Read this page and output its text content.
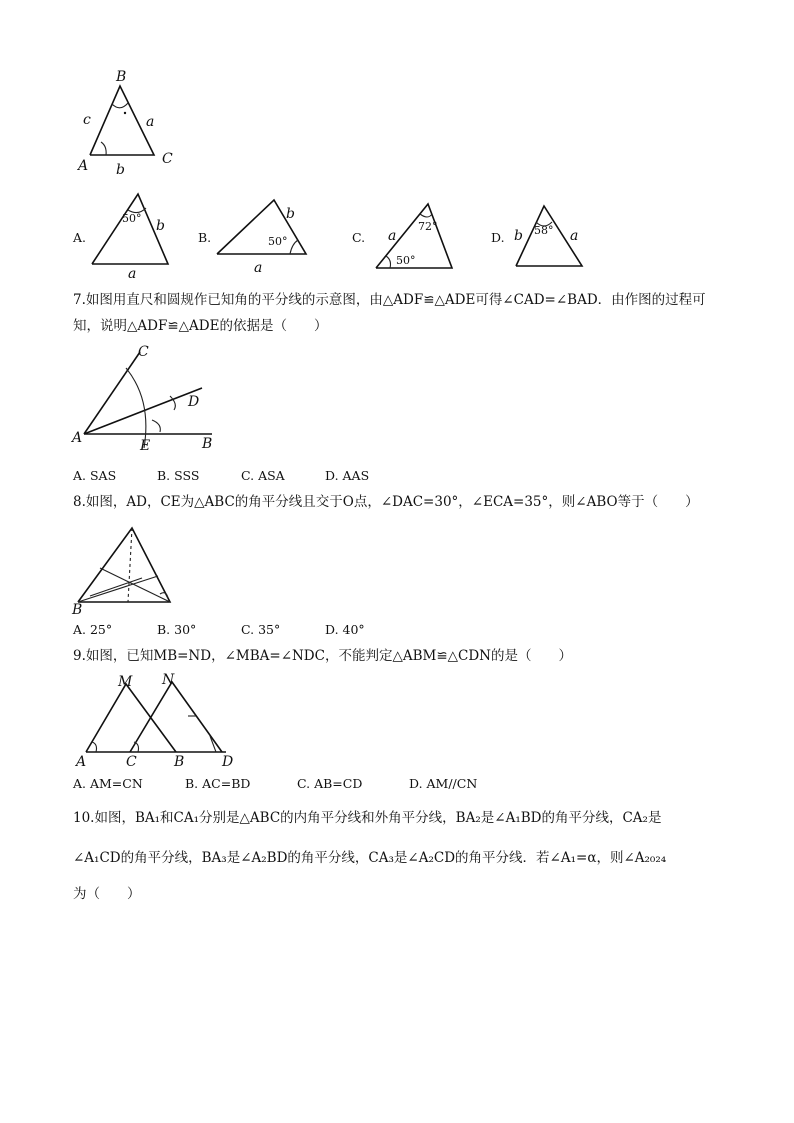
B
c	a
A b
C
A.
50° b
a
B.
b
50°
a
C.
72°
a
50°
D.	58°
b	a
7.如图用直尺和圆规作已知角的平分线的示意图，由△ADF≌△ADE可得∠CAD=∠BAD．由作图的过程可
知，说明△ADF≌△ADE的依据是（　　）
C
D
A	E	B
A. SAS	B. SSS	C. ASA	D. AAS
8.如图，AD，CE为△ABC的角平分线且交于O点，∠DAC=30°，∠ECA=35°，则∠ABO等于（　　）
B
A. 25°	B. 30°	C. 35°	D. 40°
9.如图，已知MB=ND，∠MBA=∠NDC，不能判定△ABM≌△CDN的是（　　）
M N
A	C	B	D
A. AM=CN	B. AC=BD	C. AB=CD	D. AM//CN
10.如图，BA₁和CA₁分别是△ABC的内角平分线和外角平分线，BA₂是∠A₁BD的角平分线，CA₂是
∠A₁CD的角平分线，BA₃是∠A₂BD的角平分线，CA₃是∠A₂CD的角平分线．若∠A₁=α，则∠A₂₀₂₄
为（　　）
